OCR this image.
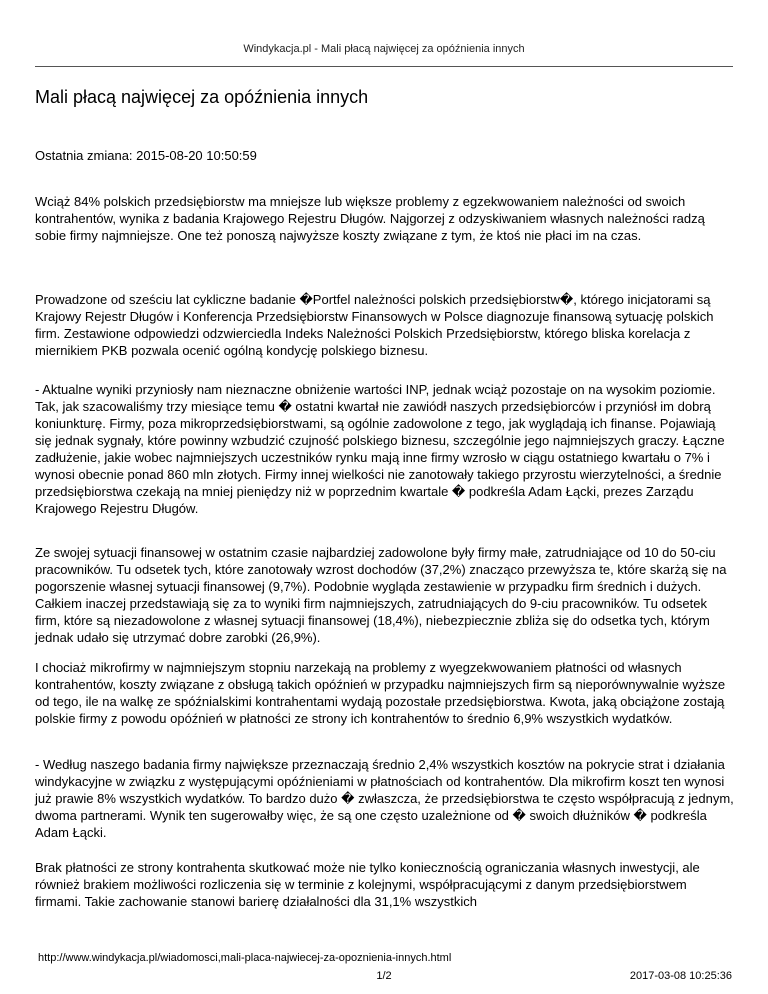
Windykacja.pl - Mali płacą najwięcej za opóźnienia innych
Mali płacą najwięcej za opóźnienia innych
Ostatnia zmiana: 2015-08-20 10:50:59

Wciąż 84% polskich przedsiębiorstw ma mniejsze lub większe problemy z egzekwowaniem należności od swoich kontrahentów, wynika z badania Krajowego Rejestru Długów. Najgorzej z odzyskiwaniem własnych należności radzą sobie firmy najmniejsze. One też ponoszą najwyższe koszty związane z tym, że ktoś nie płaci im na czas.

Prowadzone od sześciu lat cykliczne badanie �Portfel należności polskich przedsiębiorstw�, którego inicjatorami są Krajowy Rejestr Długów i Konferencja Przedsiębiorstw Finansowych w Polsce diagnozuje finansową sytuację polskich firm. Zestawione odpowiedzi odzwierciedla Indeks Należności Polskich Przedsiębiorstw, którego bliska korelacja z miernikiem PKB pozwala ocenić ogólną kondycję polskiego biznesu.

- Aktualne wyniki przyniosły nam nieznaczne obniżenie wartości INP, jednak wciąż pozostaje on na wysokim poziomie. Tak, jak szacowaliśmy trzy miesiące temu � ostatni kwartał nie zawiódł naszych przedsiębiorców i przyniósł im dobrą koniunkturę. Firmy, poza mikroprzedsiębiorstwami, są ogólnie zadowolone z tego, jak wyglądają ich finanse. Pojawiają się jednak sygnały, które powinny wzbudzić czujność polskiego biznesu, szczególnie jego najmniejszych graczy. Łączne zadłużenie, jakie wobec najmniejszych uczestników rynku mają inne firmy wzrosło w ciągu ostatniego kwartału o 7% i wynosi obecnie ponad 860 mln złotych. Firmy innej wielkości nie zanotowały takiego przyrostu wierzytelności, a średnie przedsiębiorstwa czekają na mniej pieniędzy niż w poprzednim kwartale � podkreśla Adam Łącki, prezes Zarządu Krajowego Rejestru Długów.

Ze swojej sytuacji finansowej w ostatnim czasie najbardziej zadowolone były firmy małe, zatrudniające od 10 do 50-ciu pracowników. Tu odsetek tych, które zanotowały wzrost dochodów (37,2%) znacząco przewyższa te, które skarżą się na pogorszenie własnej sytuacji finansowej (9,7%). Podobnie wygląda zestawienie w przypadku firm średnich i dużych. Całkiem inaczej przedstawiają się za to wyniki firm najmniejszych, zatrudniających do 9-ciu pracowników. Tu odsetek firm, które są niezadowolone z własnej sytuacji finansowej (18,4%), niebezpiecznie zbliża się do odsetka tych, którym jednak udało się utrzymać dobre zarobki (26,9%).

I chociaż mikrofirmy w najmniejszym stopniu narzekają na problemy z wyegzekwowaniem płatności od własnych kontrahentów, koszty związane z obsługą takich opóźnień w przypadku najmniejszych firm są nieporównywalnie wyższe od tego, ile na walkę ze spóźnialskimi kontrahentami wydają pozostałe przedsiębiorstwa. Kwota, jaką obciążone zostają polskie firmy z powodu opóźnień w płatności ze strony ich kontrahentów to średnio 6,9% wszystkich wydatków.

- Według naszego badania firmy największe przeznaczają średnio 2,4% wszystkich kosztów na pokrycie strat i działania windykacyjne w związku z występującymi opóźnieniami w płatnościach od kontrahentów. Dla mikrofirm koszt ten wynosi już prawie 8% wszystkich wydatków. To bardzo dużo � zwłaszcza, że przedsiębiorstwa te często współpracują z jednym, dwoma partnerami. Wynik ten sugerowałby więc, że są one często uzależnione od � swoich dłużników � podkreśla Adam Łącki.

Brak płatności ze strony kontrahenta skutkować może nie tylko koniecznością ograniczania własnych inwestycji, ale również brakiem możliwości rozliczenia się w terminie z kolejnymi, współpracującymi z danym przedsiębiorstwem firmami. Takie zachowanie stanowi barierę działalności dla 31,1% wszystkich

http://www.windykacja.pl/wiadomosci,mali-placa-najwiecej-za-opoznienia-innych.html
1/2	2017-03-08 10:25:36
